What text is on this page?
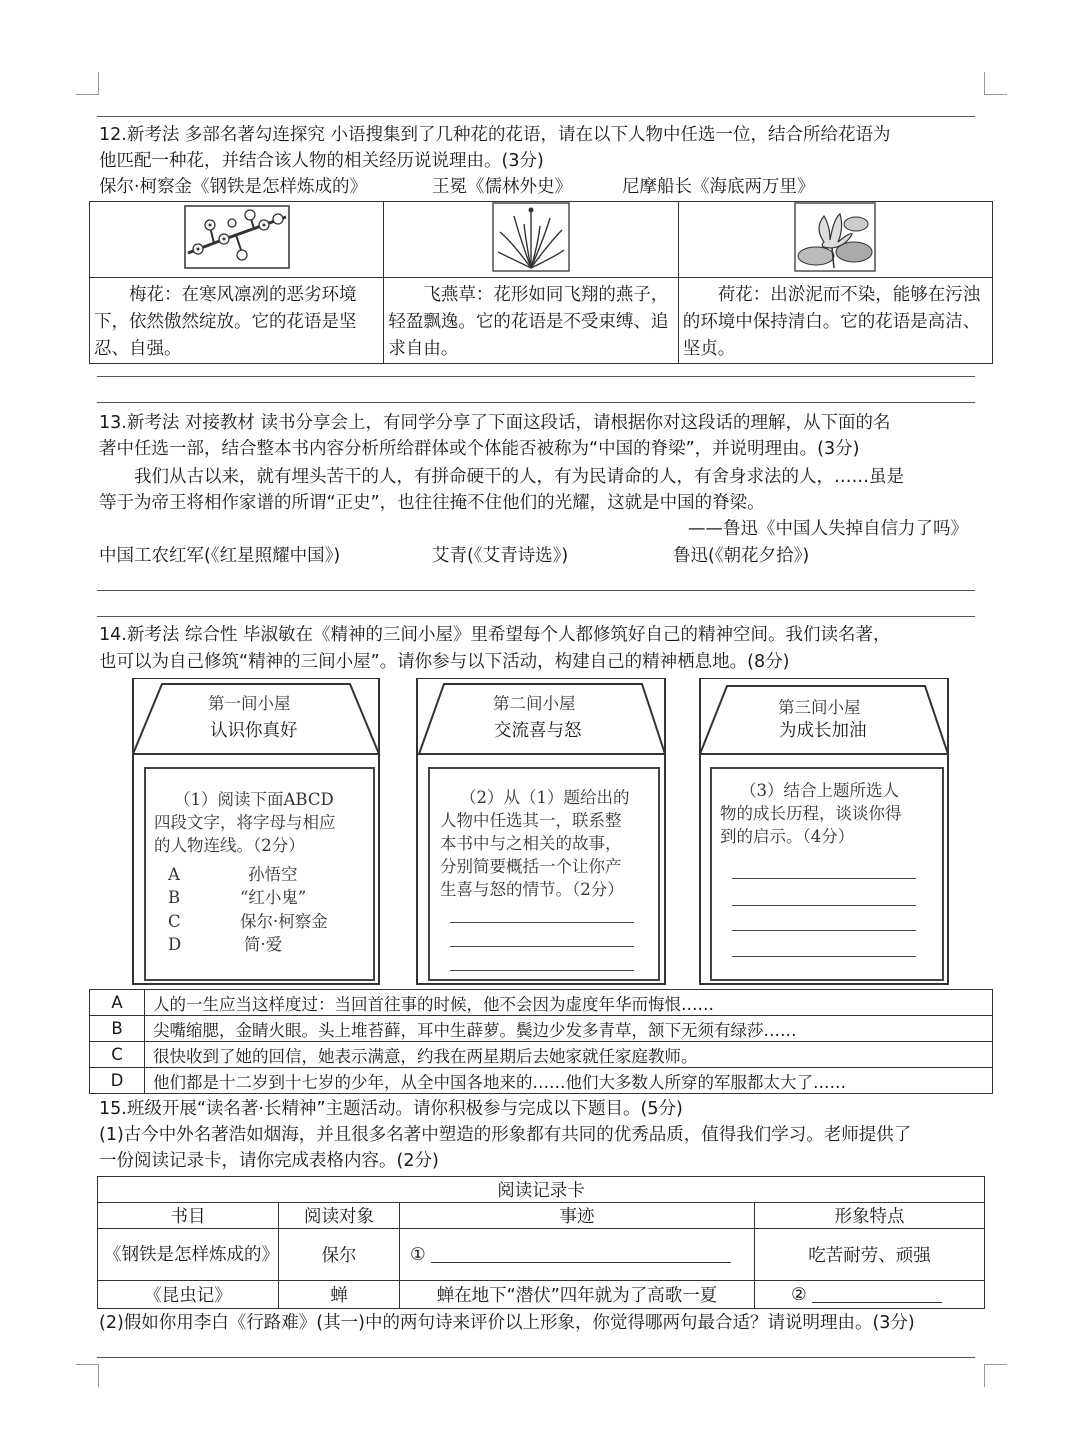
12.新考法 多部名著勾连探究 小语搜集到了几种花的花语，请在以下人物中任选一位，结合所给花语为
他匹配一种花，并结合该人物的相关经历说说理由。(3分)
保尔·柯察金《钢铁是怎样炼成的》	王冕《儒林外史》	尼摩船长《海底两万里》

梅花：在寒风凛冽的恶劣环境下，依然傲然绽放。它的花语是坚忍、自强。	飞燕草：花形如同飞翔的燕子，轻盈飘逸。它的花语是不受束缚、追求自由。	荷花：出淤泥而不染，能够在污浊的环境中保持清白。它的花语是高洁、坚贞。
13.新考法 对接教材 读书分享会上，有同学分享了下面这段话，请根据你对这段话的理解，从下面的名
著中任选一部，结合整本书内容分析所给群体或个体能否被称为“中国的脊梁”，并说明理由。(3分)
我们从古以来，就有埋头苦干的人，有拼命硬干的人，有为民请命的人，有舍身求法的人，……虽是
等于为帝王将相作家谱的所谓“正史”，也往往掩不住他们的光耀，这就是中国的脊梁。
——鲁迅《中国人失掉自信力了吗》
中国工农红军(《红星照耀中国》)	艾青(《艾青诗选》)	鲁迅(《朝花夕拾》)
14.新考法 综合性 毕淑敏在《精神的三间小屋》里希望每个人都修筑好自己的精神空间。我们读名著，
也可以为自己修筑“精神的三间小屋”。请你参与以下活动，构建自己的精神栖息地。(8分)
第一间小屋
认识你真好
（1）阅读下面ABCD
四段文字，将字母与相应
的人物连线。（2分）
A	孙悟空
B	“红小鬼”
C	保尔·柯察金
D	简·爱
第二间小屋
交流喜与怒
（2）从（1）题给出的
人物中任选其一，联系整
本书中与之相关的故事，
分别简要概括一个让你产
生喜与怒的情节。（2分）
第三间小屋
为成长加油
（3）结合上题所选人
物的成长历程，谈谈你得
到的启示。（4分）
A	人的一生应当这样度过：当回首往事的时候，他不会因为虚度年华而悔恨……
B	尖嘴缩腮，金睛火眼。头上堆苔藓，耳中生薜萝。鬓边少发多青草，颔下无须有绿莎……
C	很快收到了她的回信，她表示满意，约我在两星期后去她家就任家庭教师。
D	他们都是十二岁到十七岁的少年，从全中国各地来的……他们大多数人所穿的军服都太大了……
15.班级开展“读名著·长精神”主题活动。请你积极参与完成以下题目。(5分)
(1)古今中外名著浩如烟海，并且很多名著中塑造的形象都有共同的优秀品质，值得我们学习。老师提供了
一份阅读记录卡，请你完成表格内容。(2分)
阅读记录卡			
书目	阅读对象	事迹	形象特点
《钢铁是怎样炼成的》	保尔	①	吃苦耐劳、顽强
《昆虫记》	蝉	蝉在地下“潜伏”四年就为了高歌一夏	②
(2)假如你用李白《行路难》(其一)中的两句诗来评价以上形象，你觉得哪两句最合适？请说明理由。(3分)
